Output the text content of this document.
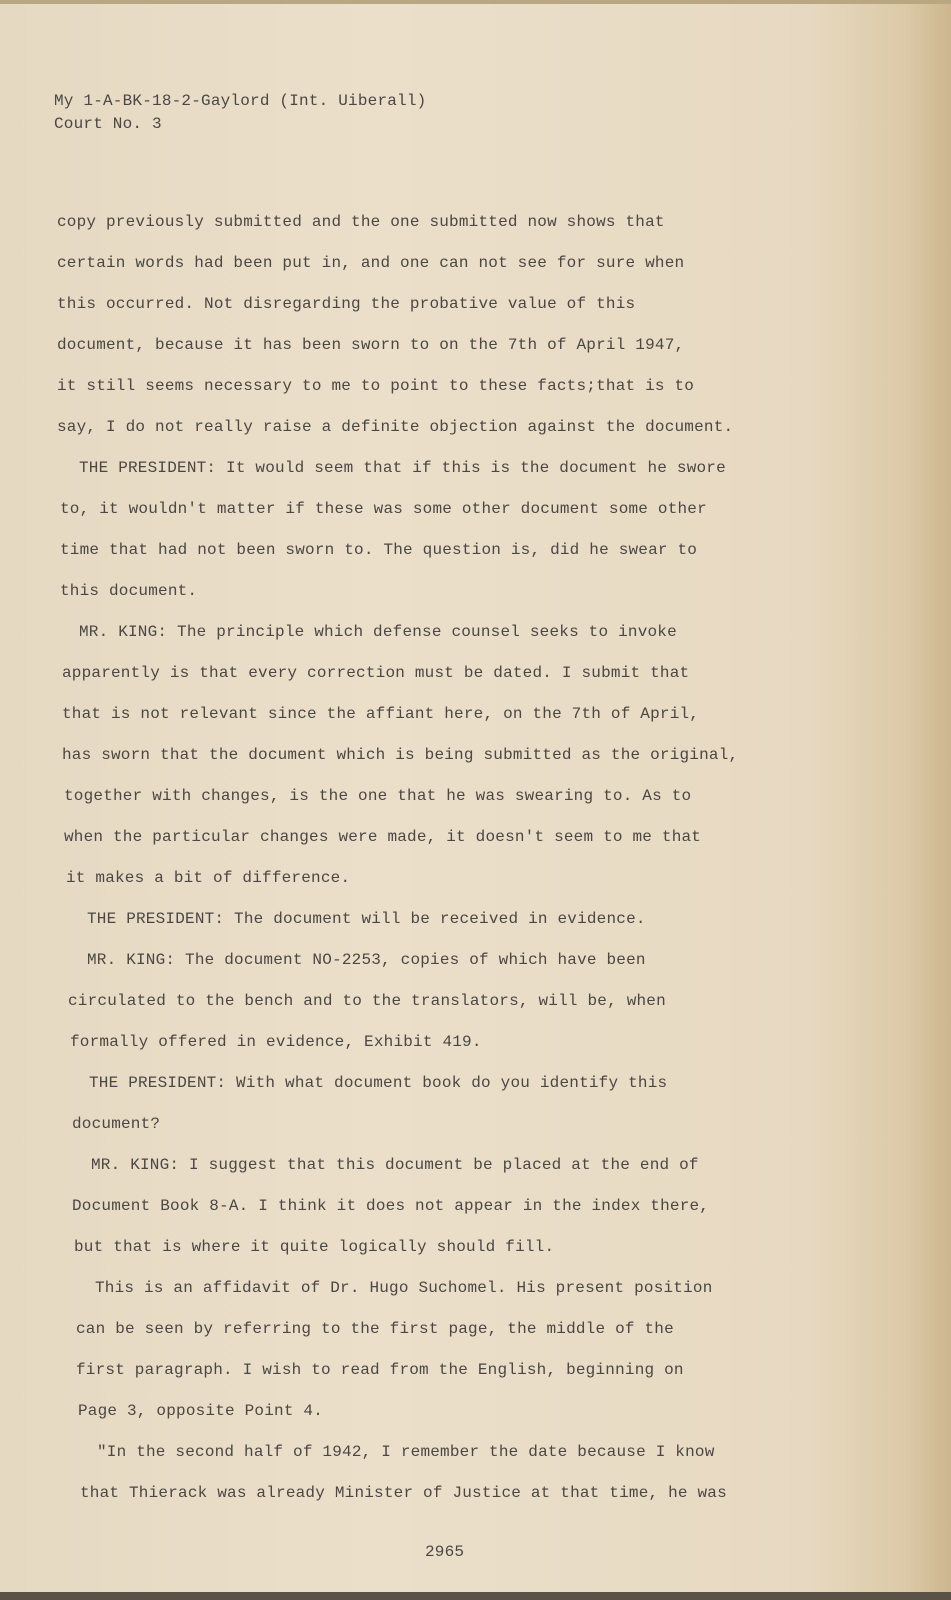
My 1-A-BK-18-2-Gaylord (Int. Uiberall)
Court No. 3
copy previously submitted and the one submitted now shows that
certain words had been put in, and one can not see for sure when
this occurred. Not disregarding the probative value of this
document, because it has been sworn to on the 7th of April 1947,
it still seems necessary to me to point to these facts;that is to
say, I do not really raise a definite objection against the document.
THE PRESIDENT: It would seem that if this is the document he swore
to, it wouldn't matter if these was some other document some other
time that had not been sworn to. The question is, did he swear to
this document.
MR. KING: The principle which defense counsel seeks to invoke
apparently is that every correction must be dated. I submit that
that is not relevant since the affiant here, on the 7th of April,
has sworn that the document which is being submitted as the original,
together with changes, is the one that he was swearing to. As to
when the particular changes were made, it doesn't seem to me that
it makes a bit of difference.
THE PRESIDENT: The document will be received in evidence.
MR. KING: The document NO-2253, copies of which have been
circulated to the bench and to the translators, will be, when
formally offered in evidence, Exhibit 419.
THE PRESIDENT: With what document book do you identify this
document?
MR. KING: I suggest that this document be placed at the end of
Document Book 8-A. I think it does not appear in the index there,
but that is where it quite logically should fill.
This is an affidavit of Dr. Hugo Suchomel. His present position
can be seen by referring to the first page, the middle of the
first paragraph. I wish to read from the English, beginning on
Page 3, opposite Point 4.
"In the second half of 1942, I remember the date because I know
that Thierack was already Minister of Justice at that time, he was
2965
